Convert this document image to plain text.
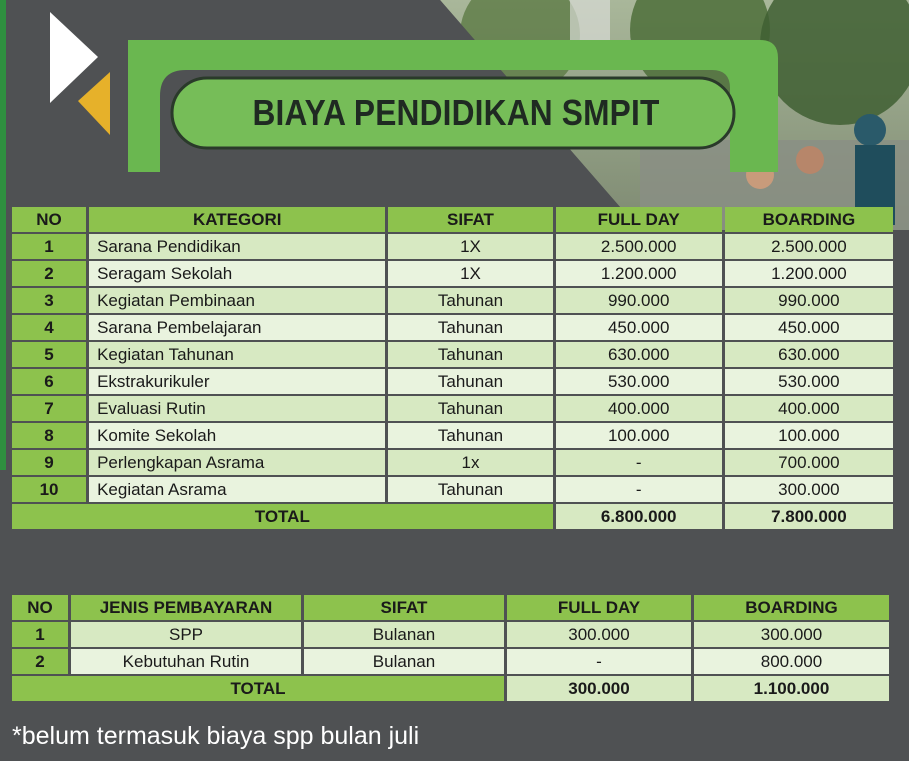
BIAYA PENDIDIKAN SMPIT
NO	KATEGORI	SIFAT	FULL DAY	BOARDING
1	Sarana Pendidikan	1X	2.500.000	2.500.000
2	Seragam Sekolah	1X	1.200.000	1.200.000
3	Kegiatan Pembinaan	Tahunan	990.000	990.000
4	Sarana Pembelajaran	Tahunan	450.000	450.000
5	Kegiatan Tahunan	Tahunan	630.000	630.000
6	Ekstrakurikuler	Tahunan	530.000	530.000
7	Evaluasi Rutin	Tahunan	400.000	400.000
8	Komite Sekolah	Tahunan	100.000	100.000
9	Perlengkapan Asrama	1x	-	700.000
10	Kegiatan Asrama	Tahunan	-	300.000
TOTAL			6.800.000	7.800.000
NO	JENIS PEMBAYARAN	SIFAT	FULL DAY	BOARDING
1	SPP	Bulanan	300.000	300.000
2	Kebutuhan Rutin	Bulanan	-	800.000
TOTAL			300.000	1.100.000
*belum termasuk biaya spp bulan juli
